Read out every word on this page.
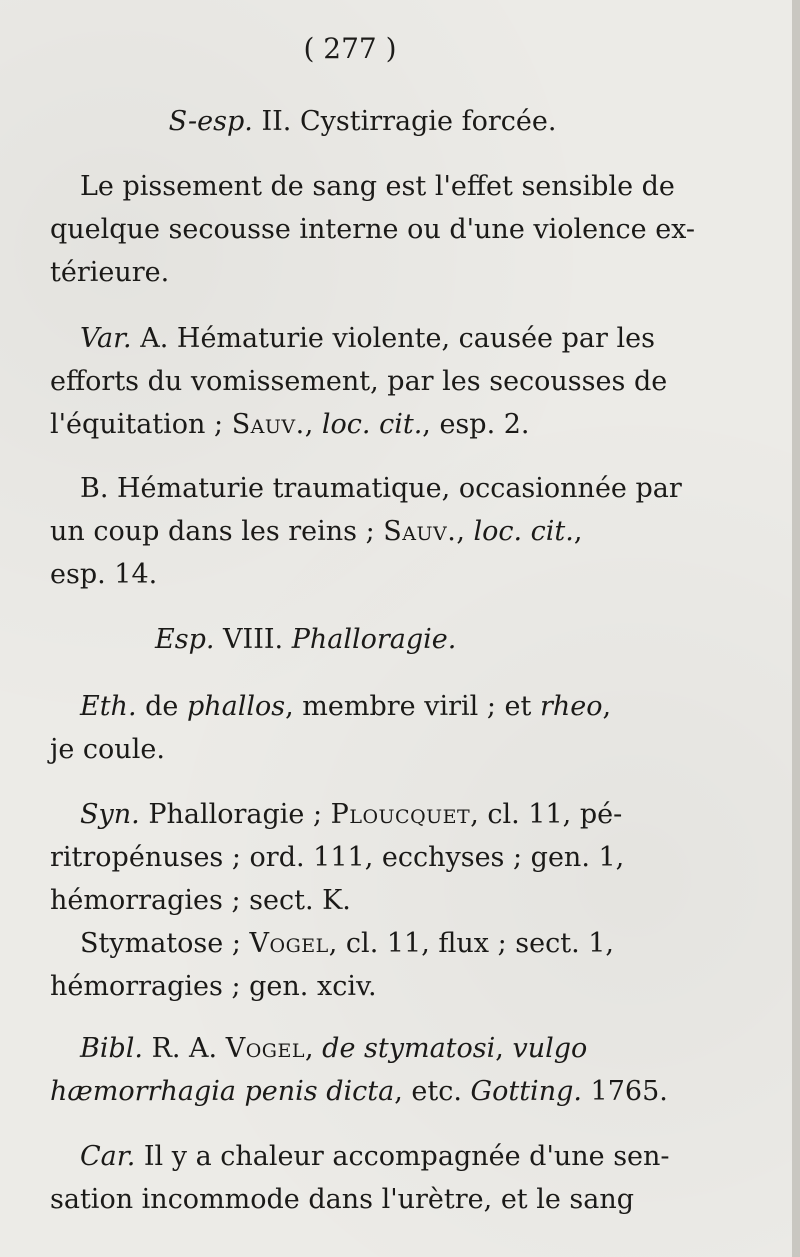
( 277 )
S-esp. II. Cystirragie forcée.
Le pissement de sang est l'effet sensible de
quelque secousse interne ou d'une violence ex-
térieure.
Var. A. Hématurie violente, causée par les
efforts du vomissement, par les secousses de
l'équitation ; Sauv., loc. cit., esp. 2.
B. Hématurie traumatique, occasionnée par
un coup dans les reins ; Sauv., loc. cit.,
esp. 14.
Esp. VIII. Phalloragie.
Eth. de phallos, membre viril ; et rheo,
je coule.
Syn. Phalloragie ; Ploucquet, cl. 11, pé-
ritropénuses ; ord. 111, ecchyses ; gen. 1,
hémorragies ; sect. K.
Stymatose ; Vogel, cl. 11, flux ; sect. 1,
hémorragies ; gen. xciv.
Bibl. R. A. Vogel, de stymatosi, vulgo
hæmorrhagia penis dicta, etc. Gotting. 1765.
Car. Il y a chaleur accompagnée d'une sen-
sation incommode dans l'urètre, et le sang
